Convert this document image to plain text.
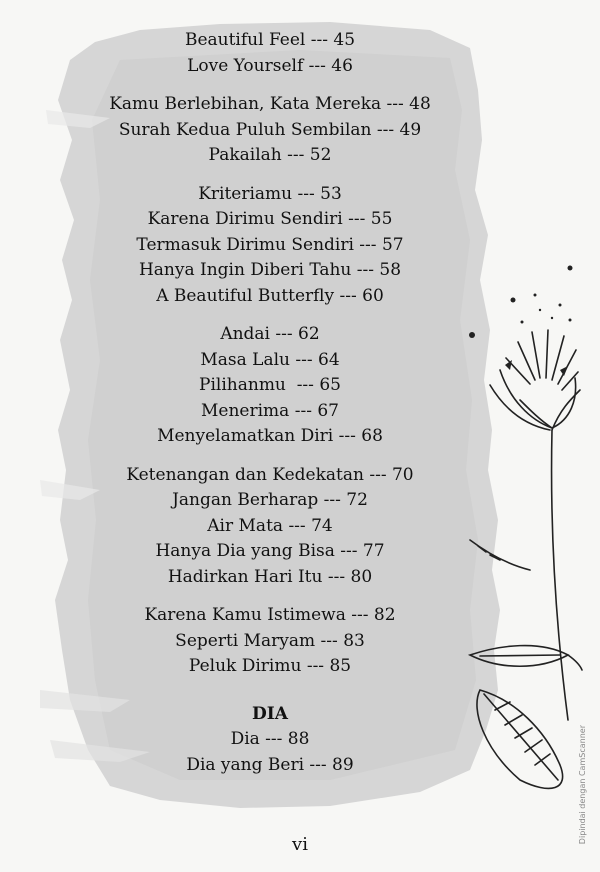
Beautiful Feel --- 45
Love Yourself --- 46
Kamu Berlebihan, Kata Mereka --- 48
Surah Kedua Puluh Sembilan --- 49
Pakailah --- 52
Kriteriamu --- 53
Karena Dirimu Sendiri --- 55
Termasuk Dirimu Sendiri --- 57
Hanya Ingin Diberi Tahu --- 58
A Beautiful Butterfly --- 60
Andai --- 62
Masa Lalu --- 64
Pilihanmu  --- 65
Menerima --- 67
Menyelamatkan Diri --- 68
Ketenangan dan Kedekatan --- 70
Jangan Berharap --- 72
Air Mata --- 74
Hanya Dia yang Bisa --- 77
Hadirkan Hari Itu --- 80
Karena Kamu Istimewa --- 82
Seperti Maryam --- 83
Peluk Dirimu --- 85
DIA
Dia --- 88
Dia yang Beri --- 89
vi
Dipindai dengan CamScanner
